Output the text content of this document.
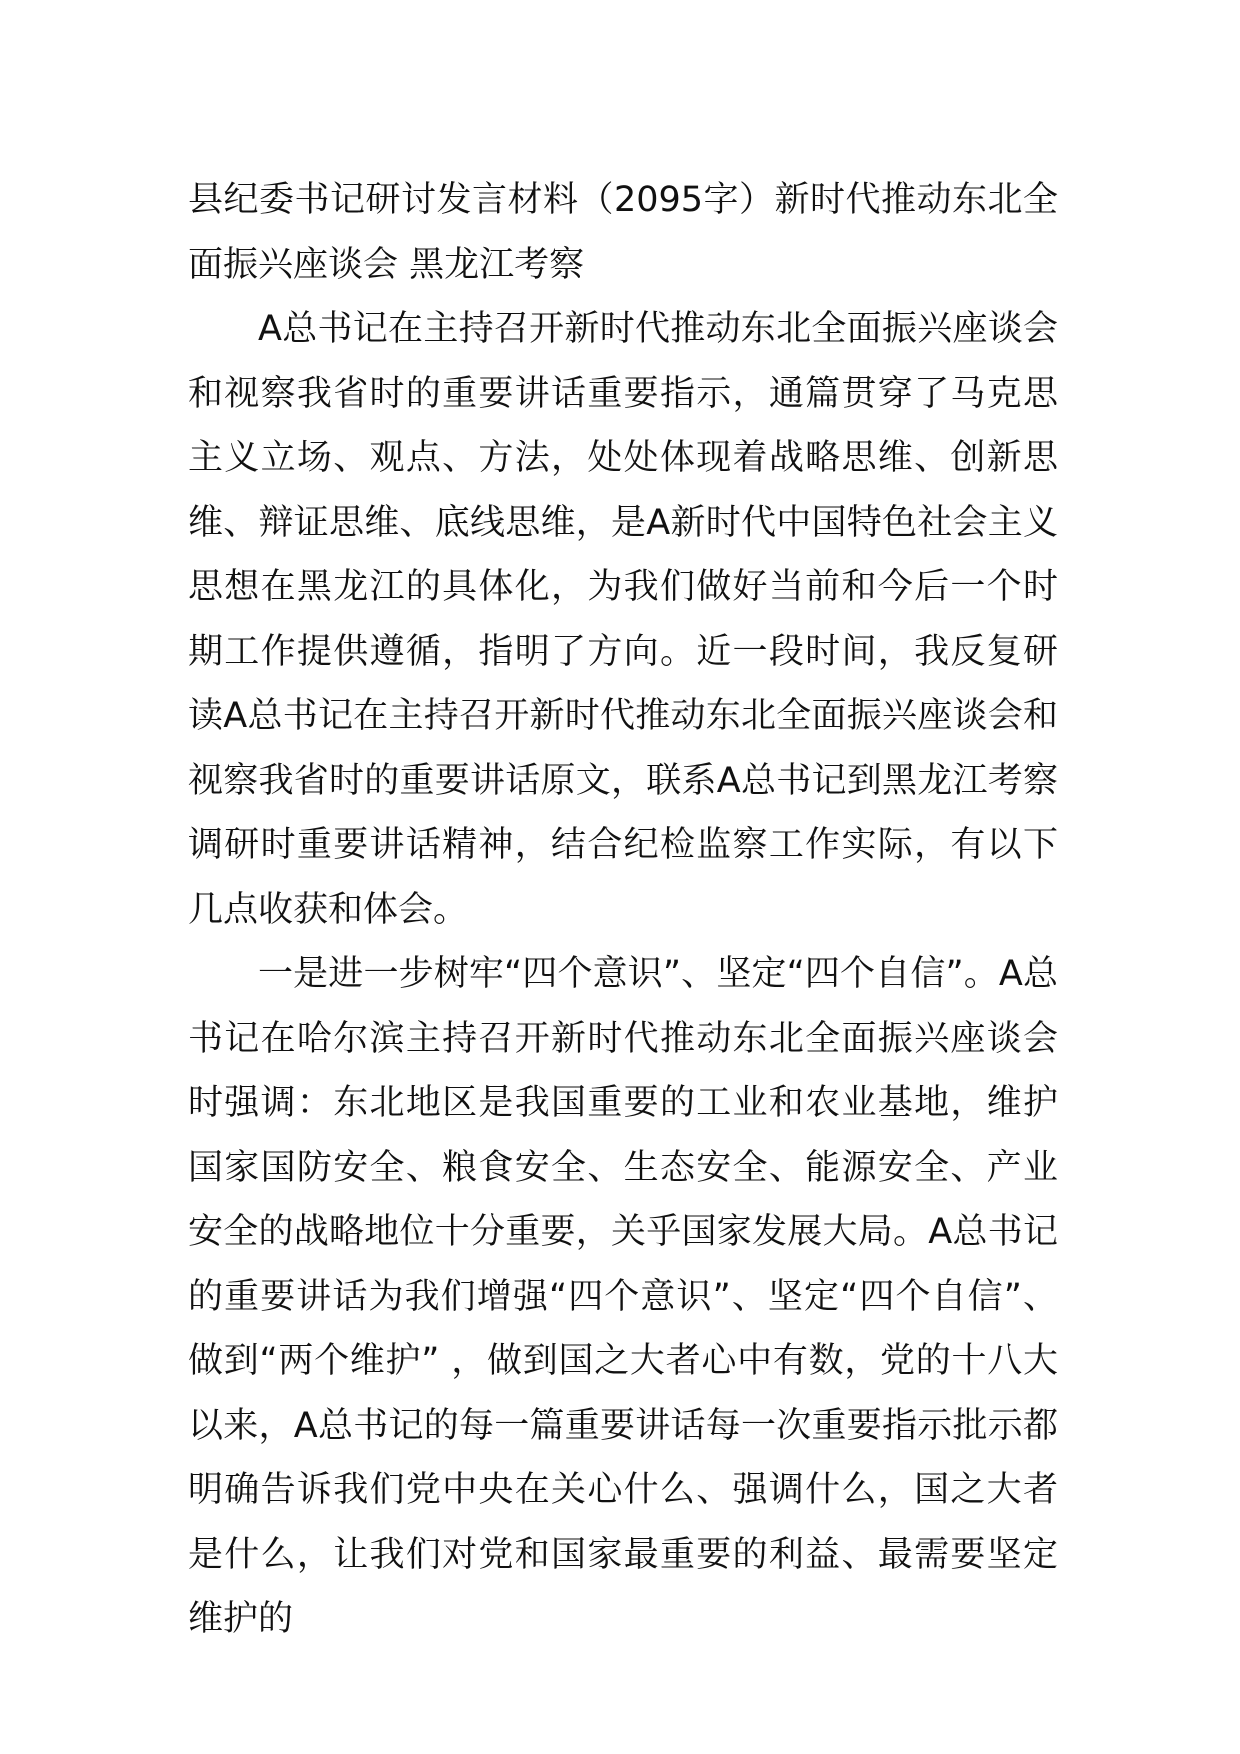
县纪委书记研讨发言材料（2095字）新时代推动东北全面振兴座谈会 黑龙江考察

A总书记在主持召开新时代推动东北全面振兴座谈会和视察我省时的重要讲话重要指示，通篇贯穿了马克思主义立场、观点、方法，处处体现着战略思维、创新思维、辩证思维、底线思维，是A新时代中国特色社会主义思想在黑龙江的具体化，为我们做好当前和今后一个时期工作提供遵循，指明了方向。近一段时间，我反复研读A总书记在主持召开新时代推动东北全面振兴座谈会和视察我省时的重要讲话原文，联系A总书记到黑龙江考察调研时重要讲话精神，结合纪检监察工作实际，有以下几点收获和体会。

一是进一步树牢“四个意识”、坚定“四个自信”。A总书记在哈尔滨主持召开新时代推动东北全面振兴座谈会时强调：东北地区是我国重要的工业和农业基地，维护国家国防安全、粮食安全、生态安全、能源安全、产业安全的战略地位十分重要，关乎国家发展大局。A总书记的重要讲话为我们增强“四个意识”、坚定“四个自信”、做到“两个维护” ，做到国之大者心中有数，党的十八大以来，A总书记的每一篇重要讲话每一次重要指示批示都明确告诉我们党中央在关心什么、强调什么，国之大者是什么，让我们对党和国家最重要的利益、最需要坚定维护的
